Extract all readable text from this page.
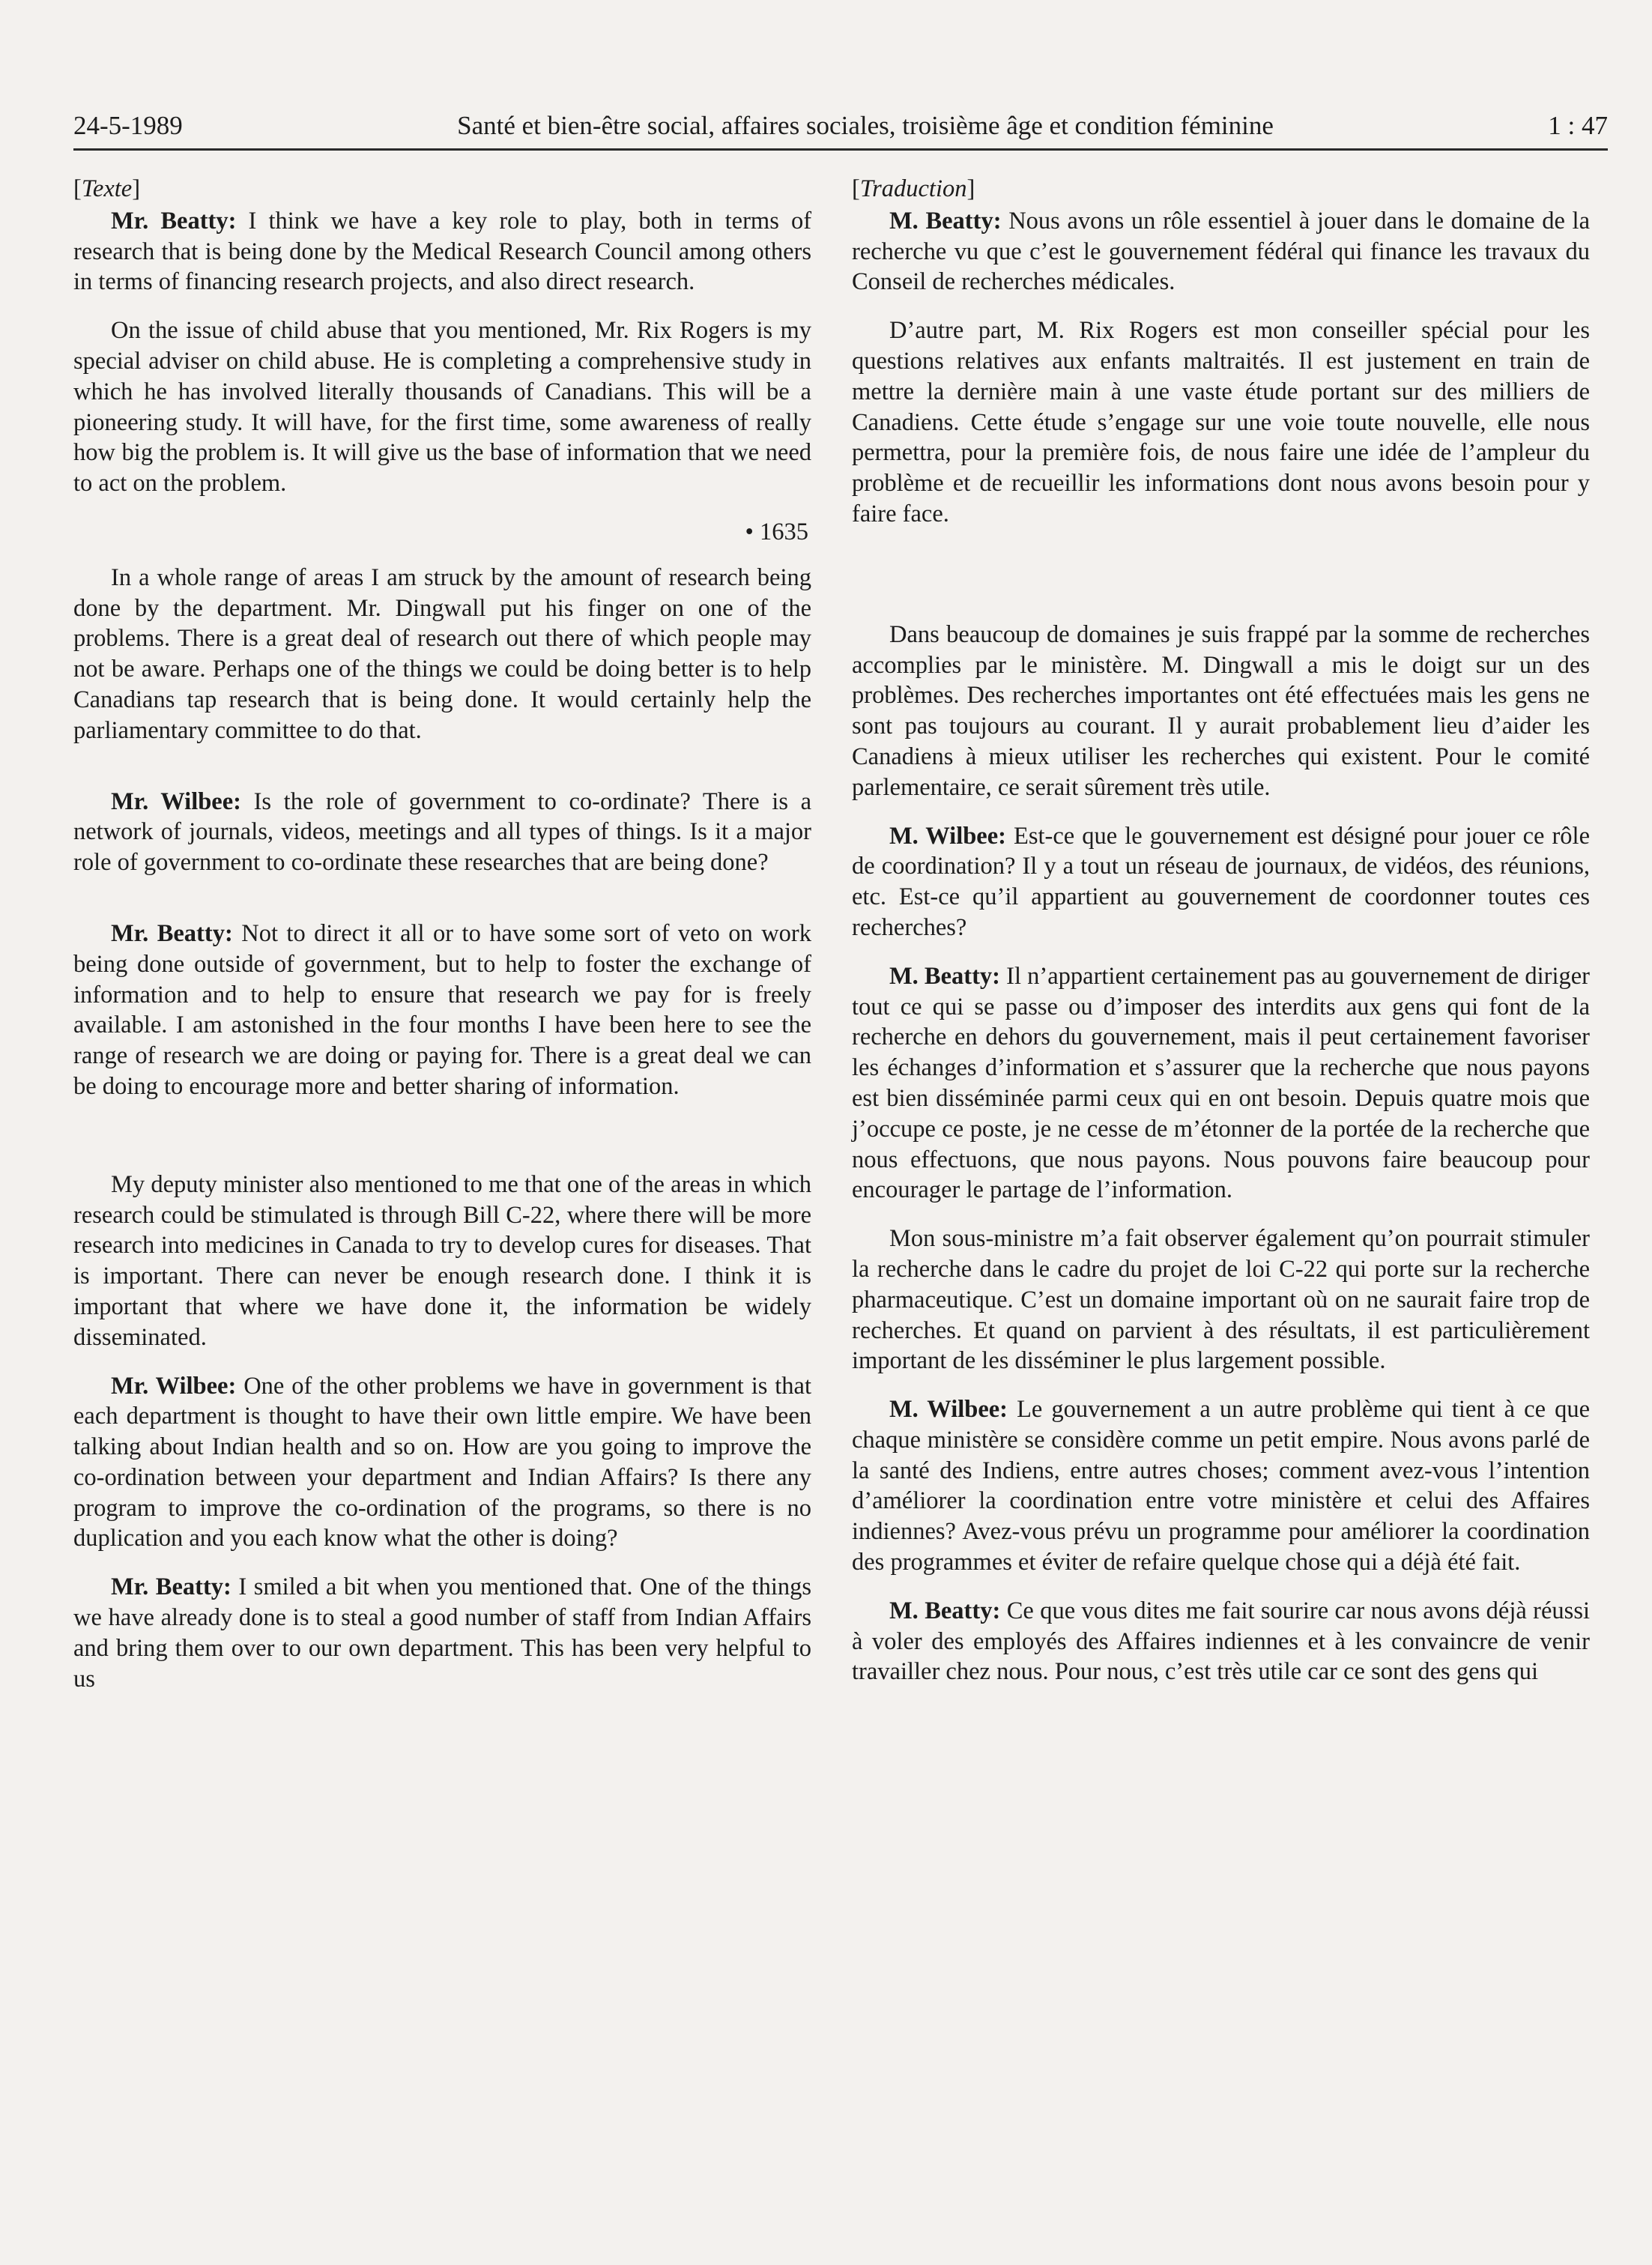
24-5-1989	Santé et bien-être social, affaires sociales, troisième âge et condition féminine	1 : 47

[Texte]

Mr. Beatty: I think we have a key role to play, both in terms of research that is being done by the Medical Research Council among others in terms of financing research projects, and also direct research.

On the issue of child abuse that you mentioned, Mr. Rix Rogers is my special adviser on child abuse. He is completing a comprehensive study in which he has involved literally thousands of Canadians. This will be a pioneering study. It will have, for the first time, some awareness of really how big the problem is. It will give us the base of information that we need to act on the problem.

• 1635

In a whole range of areas I am struck by the amount of research being done by the department. Mr. Dingwall put his finger on one of the problems. There is a great deal of research out there of which people may not be aware. Perhaps one of the things we could be doing better is to help Canadians tap research that is being done. It would certainly help the parliamentary committee to do that.

Mr. Wilbee: Is the role of government to co-ordinate? There is a network of journals, videos, meetings and all types of things. Is it a major role of government to co-ordinate these researches that are being done?

Mr. Beatty: Not to direct it all or to have some sort of veto on work being done outside of government, but to help to foster the exchange of information and to help to ensure that research we pay for is freely available. I am astonished in the four months I have been here to see the range of research we are doing or paying for. There is a great deal we can be doing to encourage more and better sharing of information.

My deputy minister also mentioned to me that one of the areas in which research could be stimulated is through Bill C-22, where there will be more research into medicines in Canada to try to develop cures for diseases. That is important. There can never be enough research done. I think it is important that where we have done it, the information be widely disseminated.

Mr. Wilbee: One of the other problems we have in government is that each department is thought to have their own little empire. We have been talking about Indian health and so on. How are you going to improve the co-ordination between your department and Indian Affairs? Is there any program to improve the co-ordination of the programs, so there is no duplication and you each know what the other is doing?

Mr. Beatty: I smiled a bit when you mentioned that. One of the things we have already done is to steal a good number of staff from Indian Affairs and bring them over to our own department. This has been very helpful to us

[Traduction]

M. Beatty: Nous avons un rôle essentiel à jouer dans le domaine de la recherche vu que c’est le gouvernement fédéral qui finance les travaux du Conseil de recherches médicales.

D’autre part, M. Rix Rogers est mon conseiller spécial pour les questions relatives aux enfants maltraités. Il est justement en train de mettre la dernière main à une vaste étude portant sur des milliers de Canadiens. Cette étude s’engage sur une voie toute nouvelle, elle nous permettra, pour la première fois, de nous faire une idée de l’ampleur du problème et de recueillir les informations dont nous avons besoin pour y faire face.

Dans beaucoup de domaines je suis frappé par la somme de recherches accomplies par le ministère. M. Dingwall a mis le doigt sur un des problèmes. Des recherches importantes ont été effectuées mais les gens ne sont pas toujours au courant. Il y aurait probablement lieu d’aider les Canadiens à mieux utiliser les recherches qui existent. Pour le comité parlementaire, ce serait sûrement très utile.

M. Wilbee: Est-ce que le gouvernement est désigné pour jouer ce rôle de coordination? Il y a tout un réseau de journaux, de vidéos, des réunions, etc. Est-ce qu’il appartient au gouvernement de coordonner toutes ces recherches?

M. Beatty: Il n’appartient certainement pas au gouvernement de diriger tout ce qui se passe ou d’imposer des interdits aux gens qui font de la recherche en dehors du gouvernement, mais il peut certainement favoriser les échanges d’information et s’assurer que la recherche que nous payons est bien disséminée parmi ceux qui en ont besoin. Depuis quatre mois que j’occupe ce poste, je ne cesse de m’étonner de la portée de la recherche que nous effectuons, que nous payons. Nous pouvons faire beaucoup pour encourager le partage de l’information.

Mon sous-ministre m’a fait observer également qu’on pourrait stimuler la recherche dans le cadre du projet de loi C-22 qui porte sur la recherche pharmaceutique. C’est un domaine important où on ne saurait faire trop de recherches. Et quand on parvient à des résultats, il est particulièrement important de les disséminer le plus largement possible.

M. Wilbee: Le gouvernement a un autre problème qui tient à ce que chaque ministère se considère comme un petit empire. Nous avons parlé de la santé des Indiens, entre autres choses; comment avez-vous l’intention d’améliorer la coordination entre votre ministère et celui des Affaires indiennes? Avez-vous prévu un programme pour améliorer la coordination des programmes et éviter de refaire quelque chose qui a déjà été fait.

M. Beatty: Ce que vous dites me fait sourire car nous avons déjà réussi à voler des employés des Affaires indiennes et à les convaincre de venir travailler chez nous. Pour nous, c’est très utile car ce sont des gens qui
